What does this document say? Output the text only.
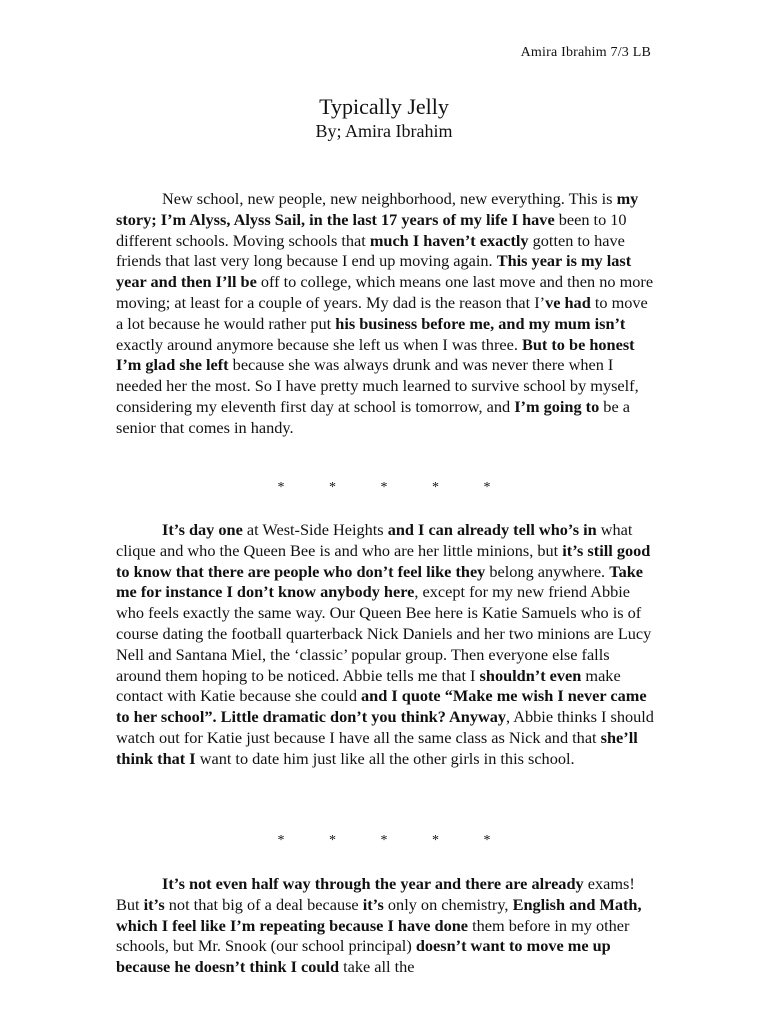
Amira Ibrahim 7/3 LB
Typically Jelly
By; Amira Ibrahim

New school, new people, new neighborhood, new everything. This is my story; I’m Alyss, Alyss Sail, in the last 17 years of my life I have been to 10 different schools. Moving schools that much I haven’t exactly gotten to have friends that last very long because I end up moving again. This year is my last year and then I’ll be off to college, which means one last move and then no more moving; at least for a couple of years. My dad is the reason that I’ve had to move a lot because he would rather put his business before me, and my mum isn’t exactly around anymore because she left us when I was three. But to be honest I’m glad she left because she was always drunk and was never there when I needed her the most. So I have pretty much learned to survive school by myself, considering my eleventh first day at school is tomorrow, and I’m going to be a senior that comes in handy.

*	*	*	*	*

It’s day one at West-Side Heights and I can already tell who’s in what clique and who the Queen Bee is and who are her little minions, but it’s still good to know that there are people who don’t feel like they belong anywhere. Take me for instance I don’t know anybody here, except for my new friend Abbie who feels exactly the same way. Our Queen Bee here is Katie Samuels who is of course dating the football quarterback Nick Daniels and her two minions are Lucy Nell and Santana Miel, the ‘classic’ popular group. Then everyone else falls around them hoping to be noticed. Abbie tells me that I shouldn’t even make contact with Katie because she could and I quote “Make me wish I never came to her school”. Little dramatic don’t you think? Anyway, Abbie thinks I should watch out for Katie just because I have all the same class as Nick and that she’ll think that I want to date him just like all the other girls in this school.

*	*	*	*	*

It’s not even half way through the year and there are already exams! But it’s not that big of a deal because it’s only on chemistry, English and Math, which I feel like I’m repeating because I have done them before in my other schools, but Mr. Snook (our school principal) doesn’t want to move me up because he doesn’t think I could take all the
